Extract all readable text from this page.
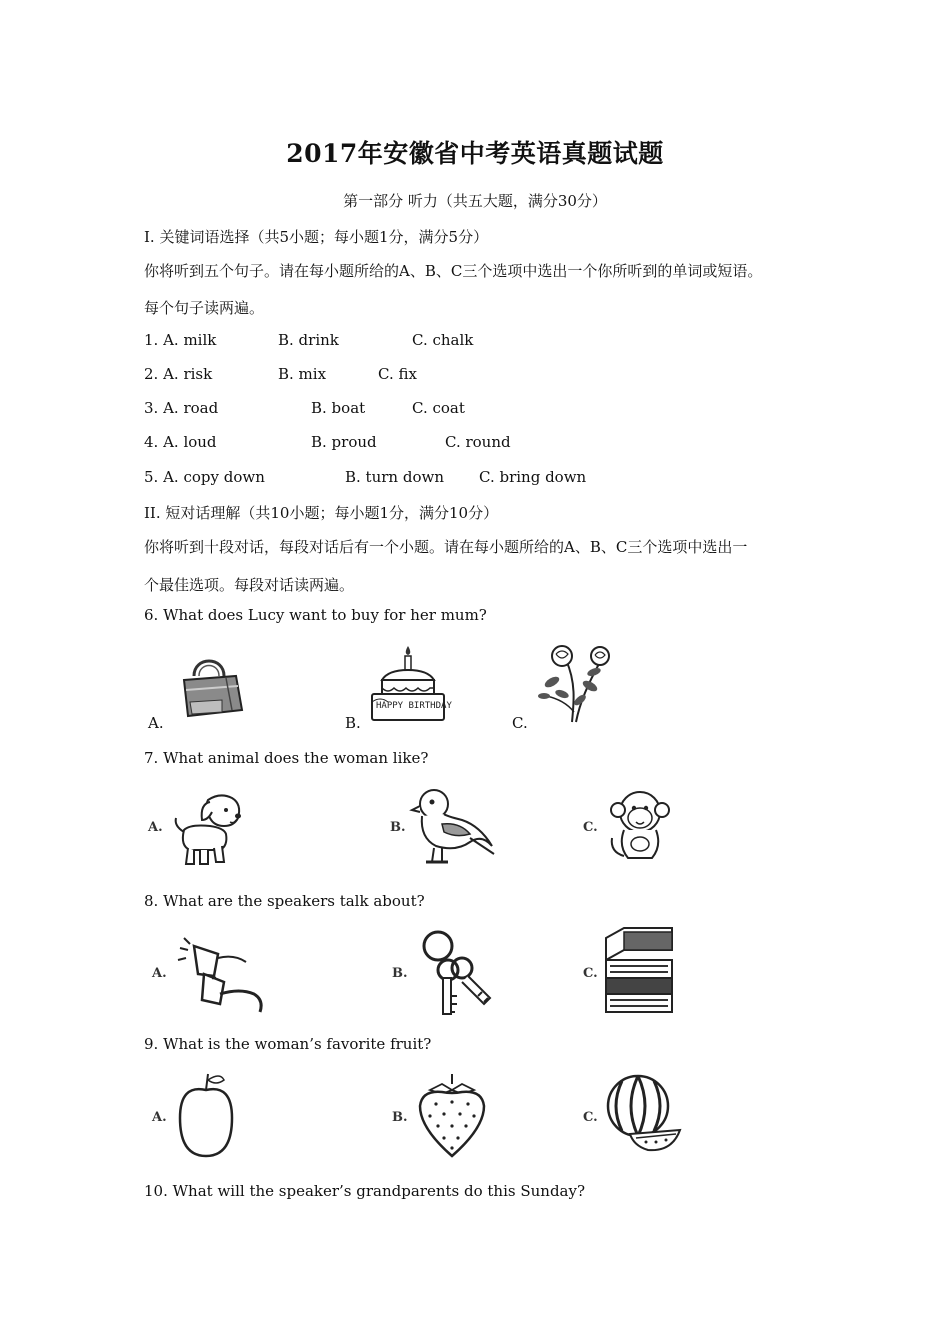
2017年安徽省中考英语真题试题
第一部分 听力（共五大题，满分30分）
I. 关键词语选择（共5小题；每小题1分，满分5分）
你将听到五个句子。请在每小题所给的A、B、C三个选项中选出一个你所听到的单词或短语。
每个句子读两遍。
1. A. milk	B. drink	C. chalk
2. A. risk	B. mix	C. fix
3. A. road	B. boat	C. coat
4. A. loud	B. proud	C. round
5. A. copy down	B. turn down C. bring down
II. 短对话理解（共10小题；每小题1分，满分10分）
你将听到十段对话，每段对话后有一个小题。请在每小题所给的A、B、C三个选项中选出一
个最佳选项。每段对话读两遍。
6. What does Lucy want to buy for her mum?
A.	B.
HAPPY BIRTHDAY
C.
7. What animal does the woman like?
A.	B.	C.
8. What are the speakers talk about?
A.	B.	C.
9. What is the woman’s favorite fruit?
A.	B.	C.
10. What will the speaker’s grandparents do this Sunday?
